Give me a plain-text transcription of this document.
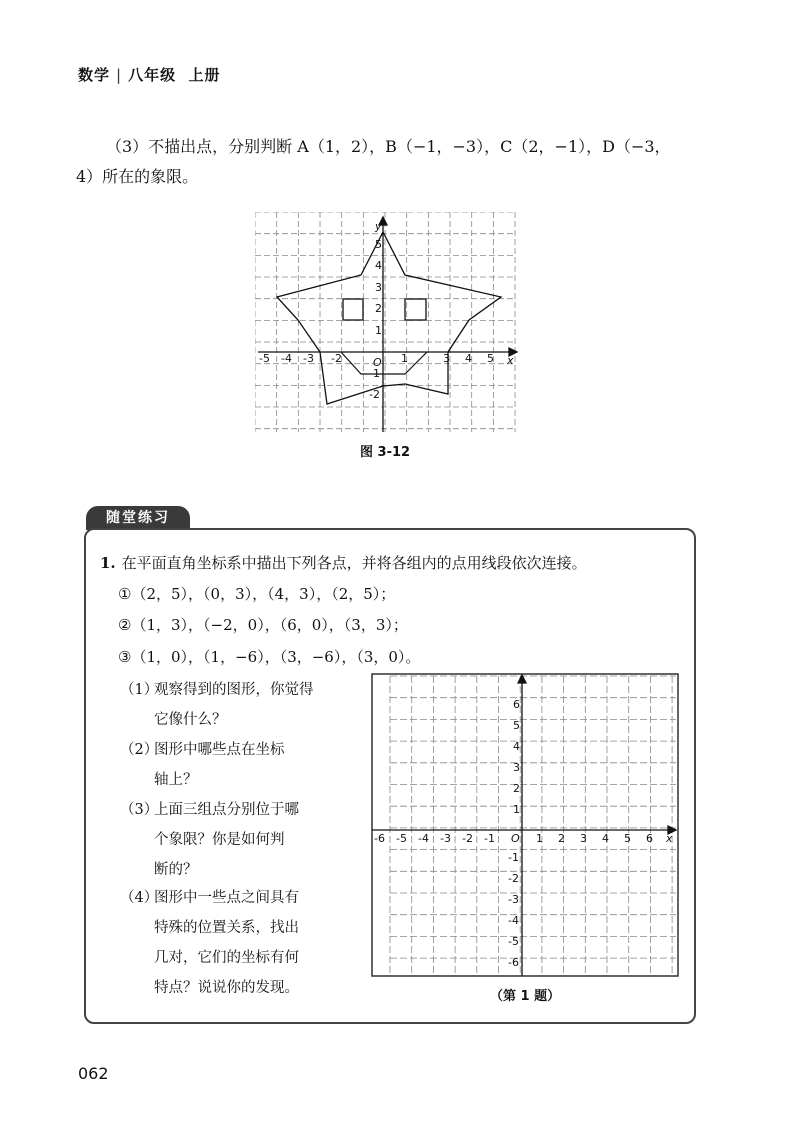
数学 | 八年级 上册
（3）不描出点，分别判断 A（1，2），B（−1，−3），C（2，−1），D（−3，
4）所在的象限。
y
x
O
-5 -4 -3 -2	1	3 4 5
5
4
3
2
1
-1
-2
图 3-12
随堂练习
1. 在平面直角坐标系中描出下列各点，并将各组内的点用线段依次连接。
①（2，5），（0，3），（4，3），（2，5）；
②（1，3），（−2，0），（6，0），（3，3）；
③（1，0），（1，−6），（3，−6），（3，0）。
（1）观察得到的图形，你觉得
它像什么？
（2）图形中哪些点在坐标
轴上？
（3）上面三组点分别位于哪
个象限？你是如何判
断的？
（4）图形中一些点之间具有
特殊的位置关系，找出
几对，它们的坐标有何
特点？说说你的发现。
x
O
-6 -5 -4 -3 -2 -1	1 2 3 4 5 6
6
5
4
3
2
1
-1
-2
-3
-4
-5
-6
（第 1 题）
062
